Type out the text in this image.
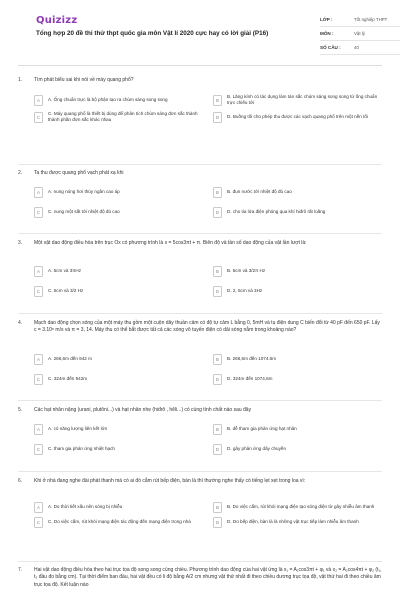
Quizizz
Tổng hợp 20 đề thi thử thpt quốc gia môn Vật lí 2020 cực hay có lời giải (P16)
LỚP :	Tốt nghiệp THPT
MÔN :	Vật lý
SỐ CÂU :	40
1. Tìm phát biểu sai khi nói về máy quang phổ?
A	A. Ống chuẩn trực là bộ phận tạo ra chùm sáng song song	B
B. Lăng kính có tác dụng làm tán sắc chùm sáng song song từ ống chuẩn trực chiếu tới
C
C. Máy quang phổ là thiết bị dùng để phân tích chùm sáng đơn sắc thành thành phần đơn sắc khác nhau	D	D. Buồng tối cho phép thu được các vạch quang phổ trên một nền tối
2. Ta thu được quang phổ vạch phát xạ khi
A	A. nung nóng hơi thủy ngân cao áp	B	B. đun nước tới nhiệt độ đủ cao
C	C. nung một sắt tới nhiệt độ đủ cao	D	D. cho tia lửa điện phóng qua khí hiđrô rất loãng
3. Một vật dao động điều hòa trên trục Ox có phương trình là x = 5cos3πt + π. Biên độ và tần số dao động của vật lần lượt là:
A	A. 5cm và 3πHz	B	B. 5cm và 3/2π Hz
C	C. 5cm và 3/2 Hz	D	D. 2, 5cm và 3Hz
4. Mạch dao động chọn sóng của một máy thu gồm một cuộn dây thuần cảm có độ tự cảm L bằng 0, 5mH và tụ điện dung C biến đổi từ 40 pF đến 650 pF. Lấy c = 3.10⁸ m/s và π = 3, 14. Máy thu có thể bắt được tất cả các sóng vô tuyến điện có dải sóng nằm trong khoảng nào?
A	A. 266,6m đến 942 m	B	B. 266,6m đến 1074.6m
C	C. 324m đến 942m	D	D. 324m đến 1074,6m
5. Các hạt nhân nặng (urani, plutôni...) và hạt nhân nhẹ (hiđrô , hêli...) có cùng tính chất nào sau đây
A	A. có năng lượng liên kết lớn	B	B. dễ tham gia phản ứng hạt nhân
C	C. tham gia phản ứng nhiệt hạch	D	D. gây phản ứng dây chuyền
6. Khi ở nhà đang nghe đài phát thanh mà có ai đó cắm rút bếp điện, bàn là thì thường nghe thấy có tiếng lẹt xẹt trong loa vì:
A	A. Do thời tiết xấu nên sóng bị nhiễu	B	B. Do việc cắm, rút khỏi mạng điện tạo sóng điện từ gây nhiễu âm thanh
C	C. Do việc cắm, rút khỏi mạng điện tác động đến mạng điện trong nhà	D	D. Do bếp điện, bàn là là những vật trục tiếp làm nhiễu âm thanh
7. Hai vật dao động điều hòa theo hai trục tọa độ song song cùng chiều. Phương trình dao động của hai vật ứng là x₁ = A₁cos3πt + φ₁ và x₂ = A₂cos4πt + φ₂ (t₁, t₂ đầu đo bằng cm). Tại thời điểm ban đầu, hai vật đều có li độ bằng A/2 cm nhưng vật thứ nhất đi theo chiều dương trục tọa độ, vật thứ hai đi theo chiều âm trục tọa độ. Kết luận nào
